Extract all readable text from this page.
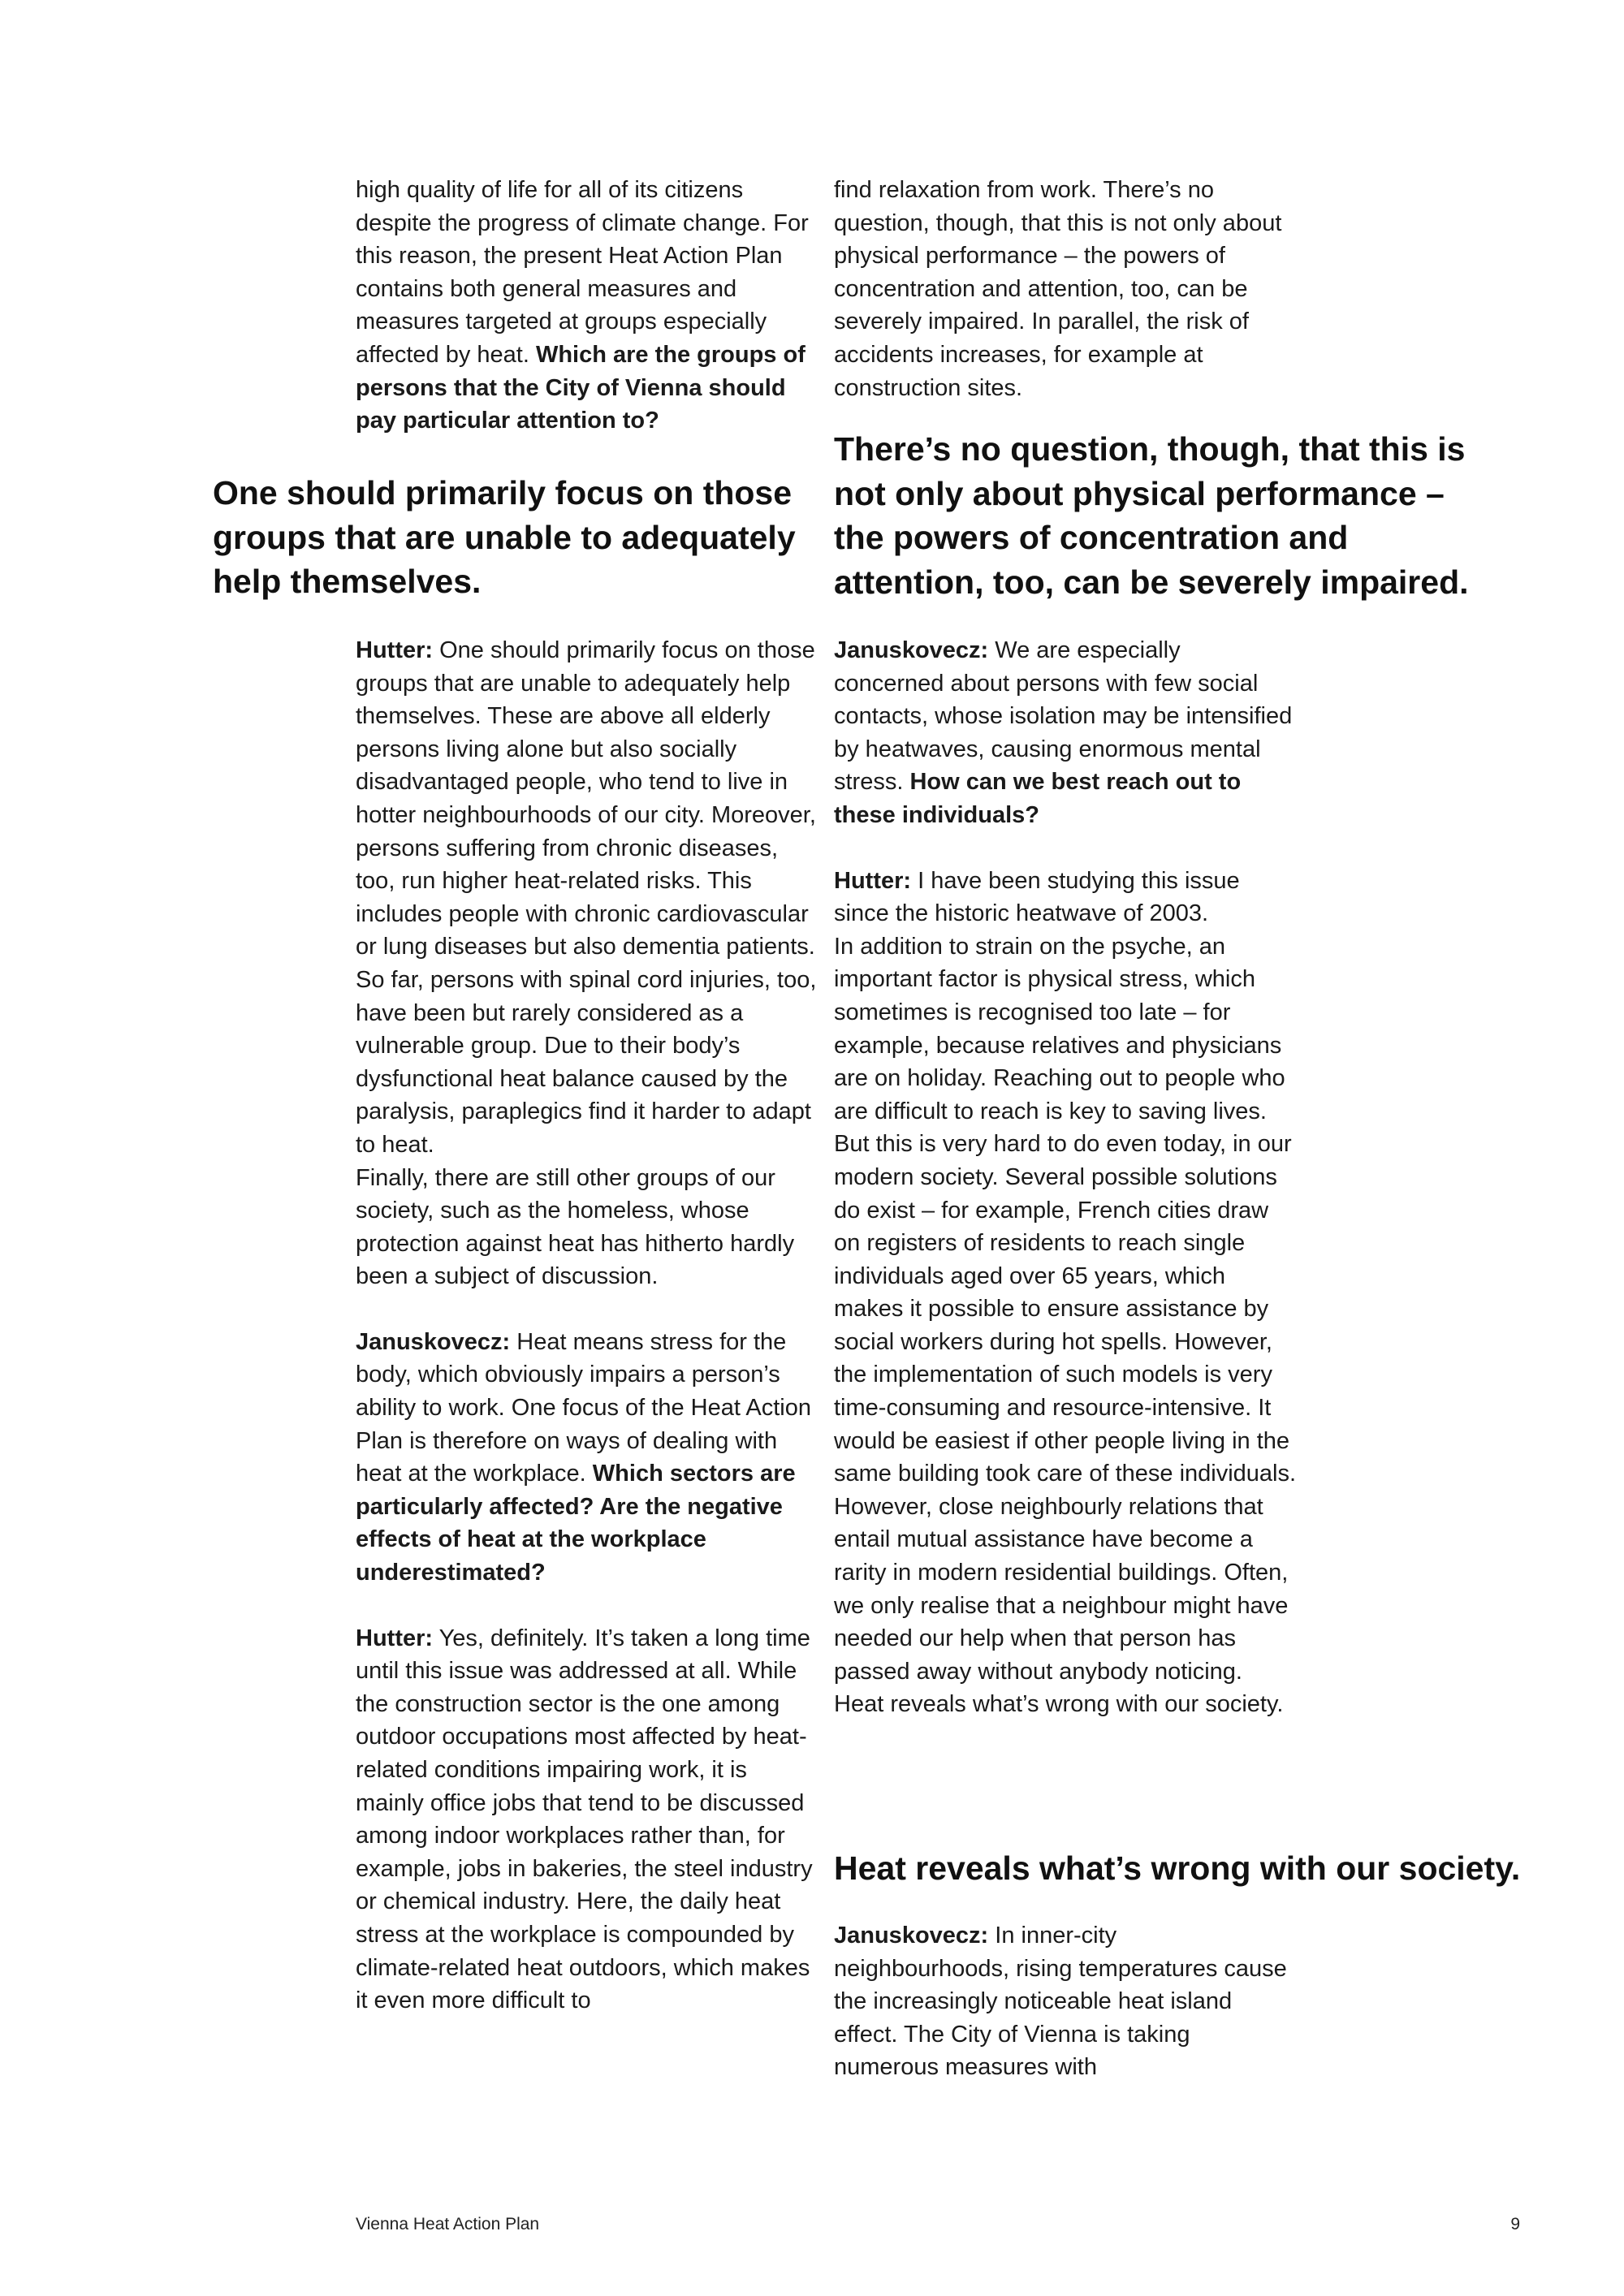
high quality of life for all of its citizens despite the progress of climate change. For this reason, the present Heat Action Plan contains both general measures and measures targeted at groups especially affected by heat. Which are the groups of persons that the City of Vienna should pay particular attention to?

One should primarily focus on those groups that are unable to adequately help themselves.

Hutter: One should primarily focus on those groups that are unable to adequately help themselves. These are above all elderly persons living alone but also socially disadvantaged people, who tend to live in hotter neighbourhoods of our city. Moreover, persons suffering from chronic diseases, too, run higher heat-related risks. This includes people with chronic cardiovascular or lung diseases but also dementia patients.
So far, persons with spinal cord injuries, too, have been but rarely considered as a vulnerable group. Due to their body’s dysfunctional heat balance caused by the paralysis, paraplegics find it harder to adapt to heat.
Finally, there are still other groups of our society, such as the homeless, whose protection against heat has hitherto hardly been a subject of discussion.

Januskovecz: Heat means stress for the body, which obviously impairs a person’s ability to work. One focus of the Heat Action Plan is therefore on ways of dealing with heat at the workplace. Which sectors are particularly affected? Are the negative effects of heat at the workplace underestimated?

Hutter: Yes, definitely. It’s taken a long time until this issue was addressed at all. While the construction sector is the one among outdoor occupations most affected by heat-related conditions impairing work, it is mainly office jobs that tend to be discussed among indoor workplaces rather than, for example, jobs in bakeries, the steel industry or chemical industry. Here, the daily heat stress at the workplace is compounded by climate-related heat outdoors, which makes it even more difficult to

find relaxation from work. There’s no question, though, that this is not only about physical performance – the powers of concentration and attention, too, can be severely impaired. In parallel, the risk of accidents increases, for example at construction sites.

There’s no question, though, that this is not only about physical performance – the powers of concentration and attention, too, can be severely impaired.

Januskovecz: We are especially concerned about persons with few social contacts, whose isolation may be intensified by heatwaves, causing enormous mental stress. How can we best reach out to these individuals?

Hutter: I have been studying this issue since the historic heatwave of 2003.
In addition to strain on the psyche, an important factor is physical stress, which sometimes is recognised too late – for example, because relatives and physicians are on holiday. Reaching out to people who are difficult to reach is key to saving lives. But this is very hard to do even today, in our modern society. Several possible solutions do exist – for example, French cities draw on registers of residents to reach single individuals aged over 65 years, which makes it possible to ensure assistance by social workers during hot spells. However, the implementation of such models is very time-consuming and resource-intensive. It would be easiest if other people living in the same building took care of these individuals. However, close neighbourly relations that entail mutual assistance have become a rarity in modern residential buildings. Often, we only realise that a neighbour might have needed our help when that person has passed away without anybody noticing. Heat reveals what’s wrong with our society.

Heat reveals what’s wrong with our society.

Januskovecz: In inner-city neighbourhoods, rising temperatures cause the increasingly noticeable heat island effect. The City of Vienna is taking numerous measures with

Vienna Heat Action Plan	9
